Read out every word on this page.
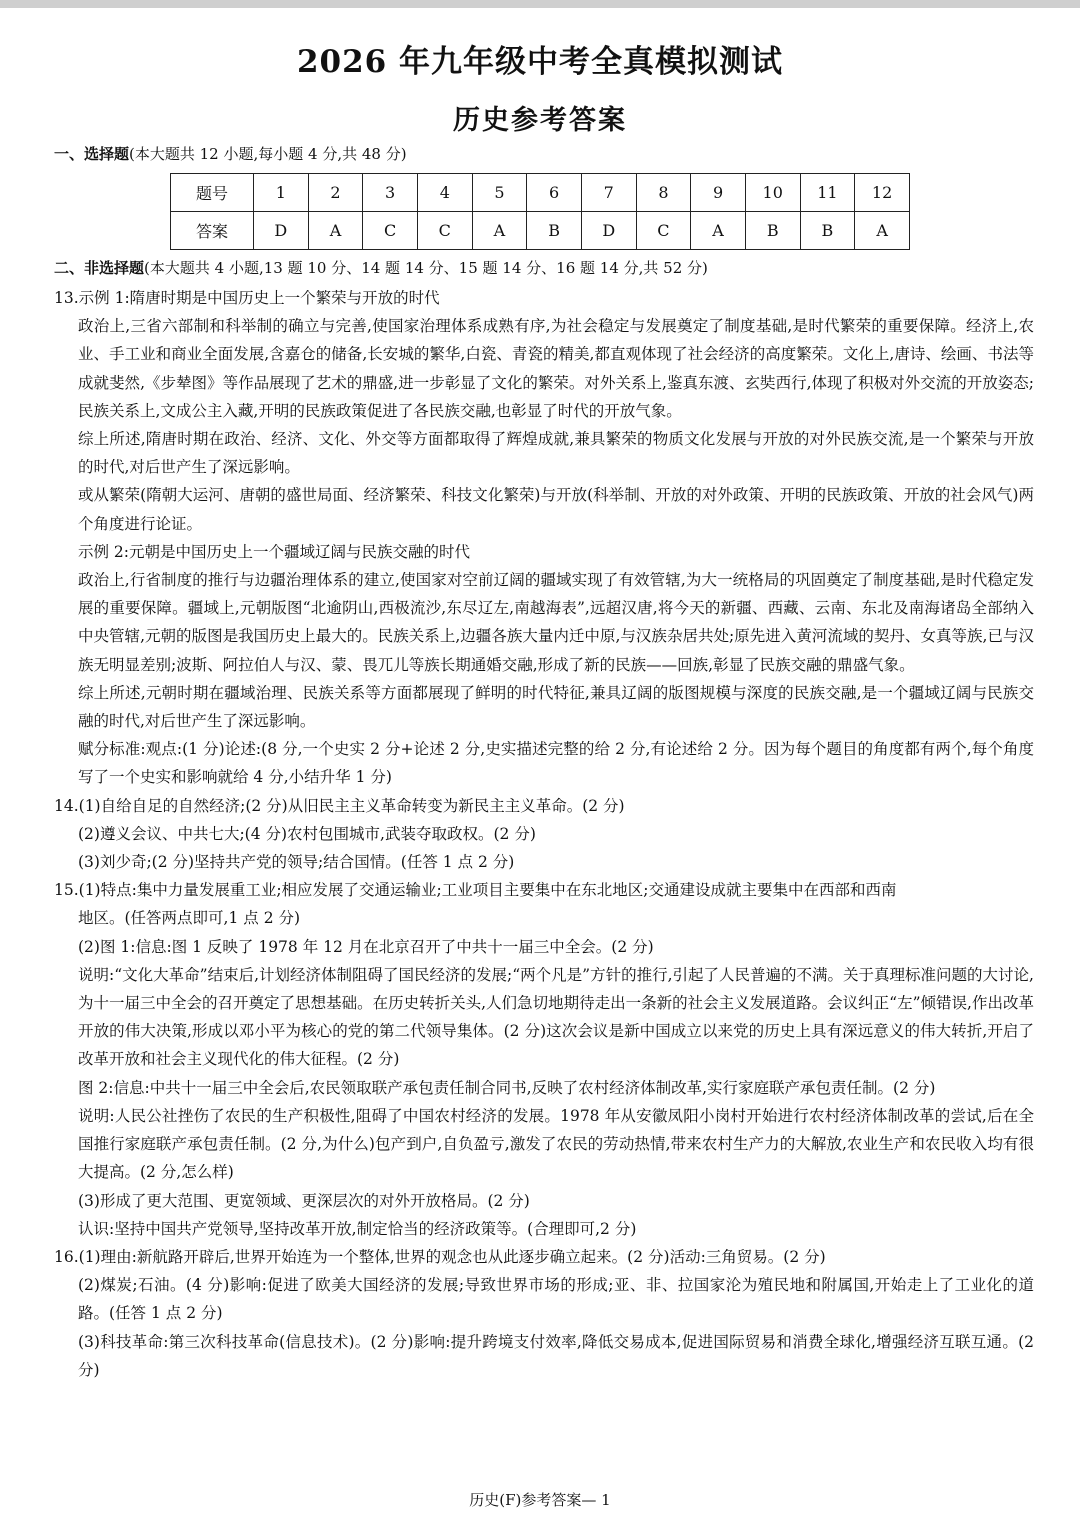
2026 年九年级中考全真模拟测试
历史参考答案
一、选择题(本大题共 12 小题,每小题 4 分,共 48 分)
题号	1	2	3	4	5	6	7	8	9	10	11	12
答案	D	A	C	C	A	B	D	C	A	B	B	A
二、非选择题(本大题共 4 小题,13 题 10 分、14 题 14 分、15 题 14 分、16 题 14 分,共 52 分)

13.示例 1:隋唐时期是中国历史上一个繁荣与开放的时代

政治上,三省六部制和科举制的确立与完善,使国家治理体系成熟有序,为社会稳定与发展奠定了制度基础,是时代繁荣的重要保障。经济上,农业、手工业和商业全面发展,含嘉仓的储备,长安城的繁华,白瓷、青瓷的精美,都直观体现了社会经济的高度繁荣。文化上,唐诗、绘画、书法等成就斐然,《步辇图》等作品展现了艺术的鼎盛,进一步彰显了文化的繁荣。对外关系上,鉴真东渡、玄奘西行,体现了积极对外交流的开放姿态;民族关系上,文成公主入藏,开明的民族政策促进了各民族交融,也彰显了时代的开放气象。

综上所述,隋唐时期在政治、经济、文化、外交等方面都取得了辉煌成就,兼具繁荣的物质文化发展与开放的对外民族交流,是一个繁荣与开放的时代,对后世产生了深远影响。

或从繁荣(隋朝大运河、唐朝的盛世局面、经济繁荣、科技文化繁荣)与开放(科举制、开放的对外政策、开明的民族政策、开放的社会风气)两个角度进行论证。

示例 2:元朝是中国历史上一个疆域辽阔与民族交融的时代

政治上,行省制度的推行与边疆治理体系的建立,使国家对空前辽阔的疆域实现了有效管辖,为大一统格局的巩固奠定了制度基础,是时代稳定发展的重要保障。疆域上,元朝版图“北逾阴山,西极流沙,东尽辽左,南越海表”,远超汉唐,将今天的新疆、西藏、云南、东北及南海诸岛全部纳入中央管辖,元朝的版图是我国历史上最大的。民族关系上,边疆各族大量内迁中原,与汉族杂居共处;原先进入黄河流域的契丹、女真等族,已与汉族无明显差别;波斯、阿拉伯人与汉、蒙、畏兀儿等族长期通婚交融,形成了新的民族——回族,彰显了民族交融的鼎盛气象。

综上所述,元朝时期在疆域治理、民族关系等方面都展现了鲜明的时代特征,兼具辽阔的版图规模与深度的民族交融,是一个疆域辽阔与民族交融的时代,对后世产生了深远影响。

赋分标准:观点:(1 分)论述:(8 分,一个史实 2 分+论述 2 分,史实描述完整的给 2 分,有论述给 2 分。因为每个题目的角度都有两个,每个角度写了一个史实和影响就给 4 分,小结升华 1 分)

14.(1)自给自足的自然经济;(2 分)从旧民主主义革命转变为新民主主义革命。(2 分)

(2)遵义会议、中共七大;(4 分)农村包围城市,武装夺取政权。(2 分)

(3)刘少奇;(2 分)坚持共产党的领导;结合国情。(任答 1 点 2 分)

15.(1)特点:集中力量发展重工业;相应发展了交通运输业;工业项目主要集中在东北地区;交通建设成就主要集中在西部和西南

地区。(任答两点即可,1 点 2 分)

(2)图 1:信息:图 1 反映了 1978 年 12 月在北京召开了中共十一届三中全会。(2 分)

说明:“文化大革命”结束后,计划经济体制阻碍了国民经济的发展;“两个凡是”方针的推行,引起了人民普遍的不满。关于真理标准问题的大讨论,为十一届三中全会的召开奠定了思想基础。在历史转折关头,人们急切地期待走出一条新的社会主义发展道路。会议纠正“左”倾错误,作出改革开放的伟大决策,形成以邓小平为核心的党的第二代领导集体。(2 分)这次会议是新中国成立以来党的历史上具有深远意义的伟大转折,开启了改革开放和社会主义现代化的伟大征程。(2 分)

图 2:信息:中共十一届三中全会后,农民领取联产承包责任制合同书,反映了农村经济体制改革,实行家庭联产承包责任制。(2 分)

说明:人民公社挫伤了农民的生产积极性,阻碍了中国农村经济的发展。1978 年从安徽凤阳小岗村开始进行农村经济体制改革的尝试,后在全国推行家庭联产承包责任制。(2 分,为什么)包产到户,自负盈亏,激发了农民的劳动热情,带来农村生产力的大解放,农业生产和农民收入均有很大提高。(2 分,怎么样)

(3)形成了更大范围、更宽领域、更深层次的对外开放格局。(2 分)

认识:坚持中国共产党领导,坚持改革开放,制定恰当的经济政策等。(合理即可,2 分)

16.(1)理由:新航路开辟后,世界开始连为一个整体,世界的观念也从此逐步确立起来。(2 分)活动:三角贸易。(2 分)

(2)煤炭;石油。(4 分)影响:促进了欧美大国经济的发展;导致世界市场的形成;亚、非、拉国家沦为殖民地和附属国,开始走上了工业化的道路。(任答 1 点 2 分)

(3)科技革命:第三次科技革命(信息技术)。(2 分)影响:提升跨境支付效率,降低交易成本,促进国际贸易和消费全球化,增强经济互联互通。(2 分)

历史(F)参考答案— 1
